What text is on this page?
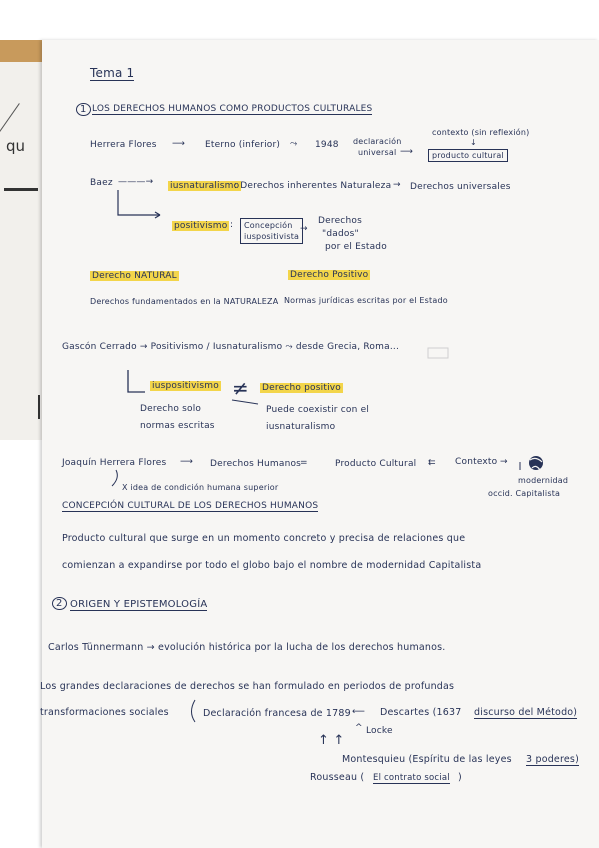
qu
Tema 1
1 LOS DERECHOS HUMANOS COMO PRODUCTOS CULTURALES
Herrera Flores ⟶ Eterno (inferior) ⤳ 1948 declaración
universal ⟶
contexto (sin reflexión)
↓
producto cultural
Baez ———→ iusnaturalismo
: Derechos inherentes Naturaleza → Derechos universales
positivismo : Concepción
iuspositivista
→
Derechos
"dados"
por el Estado
Derecho NATURAL
Derechos fundamentados en la NATURALEZA
Derecho Positivo
Normas jurídicas escritas por el Estado
Gascón Cerrado → Positivismo / Iusnaturalismo ⤳ desde Grecia, Roma...
iuspositivismo ≠ Derecho positivo
Derecho solo
normas escritas
Puede coexistir con el
iusnaturalismo
Joaquín Herrera Flores ⟶ Derechos Humanos
=	Producto Cultural ⇇ Contexto →
modernidad
occid. Capitalista
X idea de condición humana superior
CONCEPCIÓN CULTURAL DE LOS DERECHOS HUMANOS
Producto cultural que surge en un momento concreto y precisa de relaciones que
comienzan a expandirse por todo el globo bajo el nombre de modernidad Capitalista
2 ORIGEN Y EPISTEMOLOGÍA
Carlos Tünnermann → evolución histórica por la lucha de los derechos humanos.
Los grandes declaraciones de derechos se han formulado en periodos de profundas
transformaciones sociales	Declaración francesa de 1789 ⟵ Descartes (1637 discurso del Método)
^ Locke
↑ ↑
Montesquieu (Espíritu de las leyes 3 poderes)
Rousseau ( El contrato social )
